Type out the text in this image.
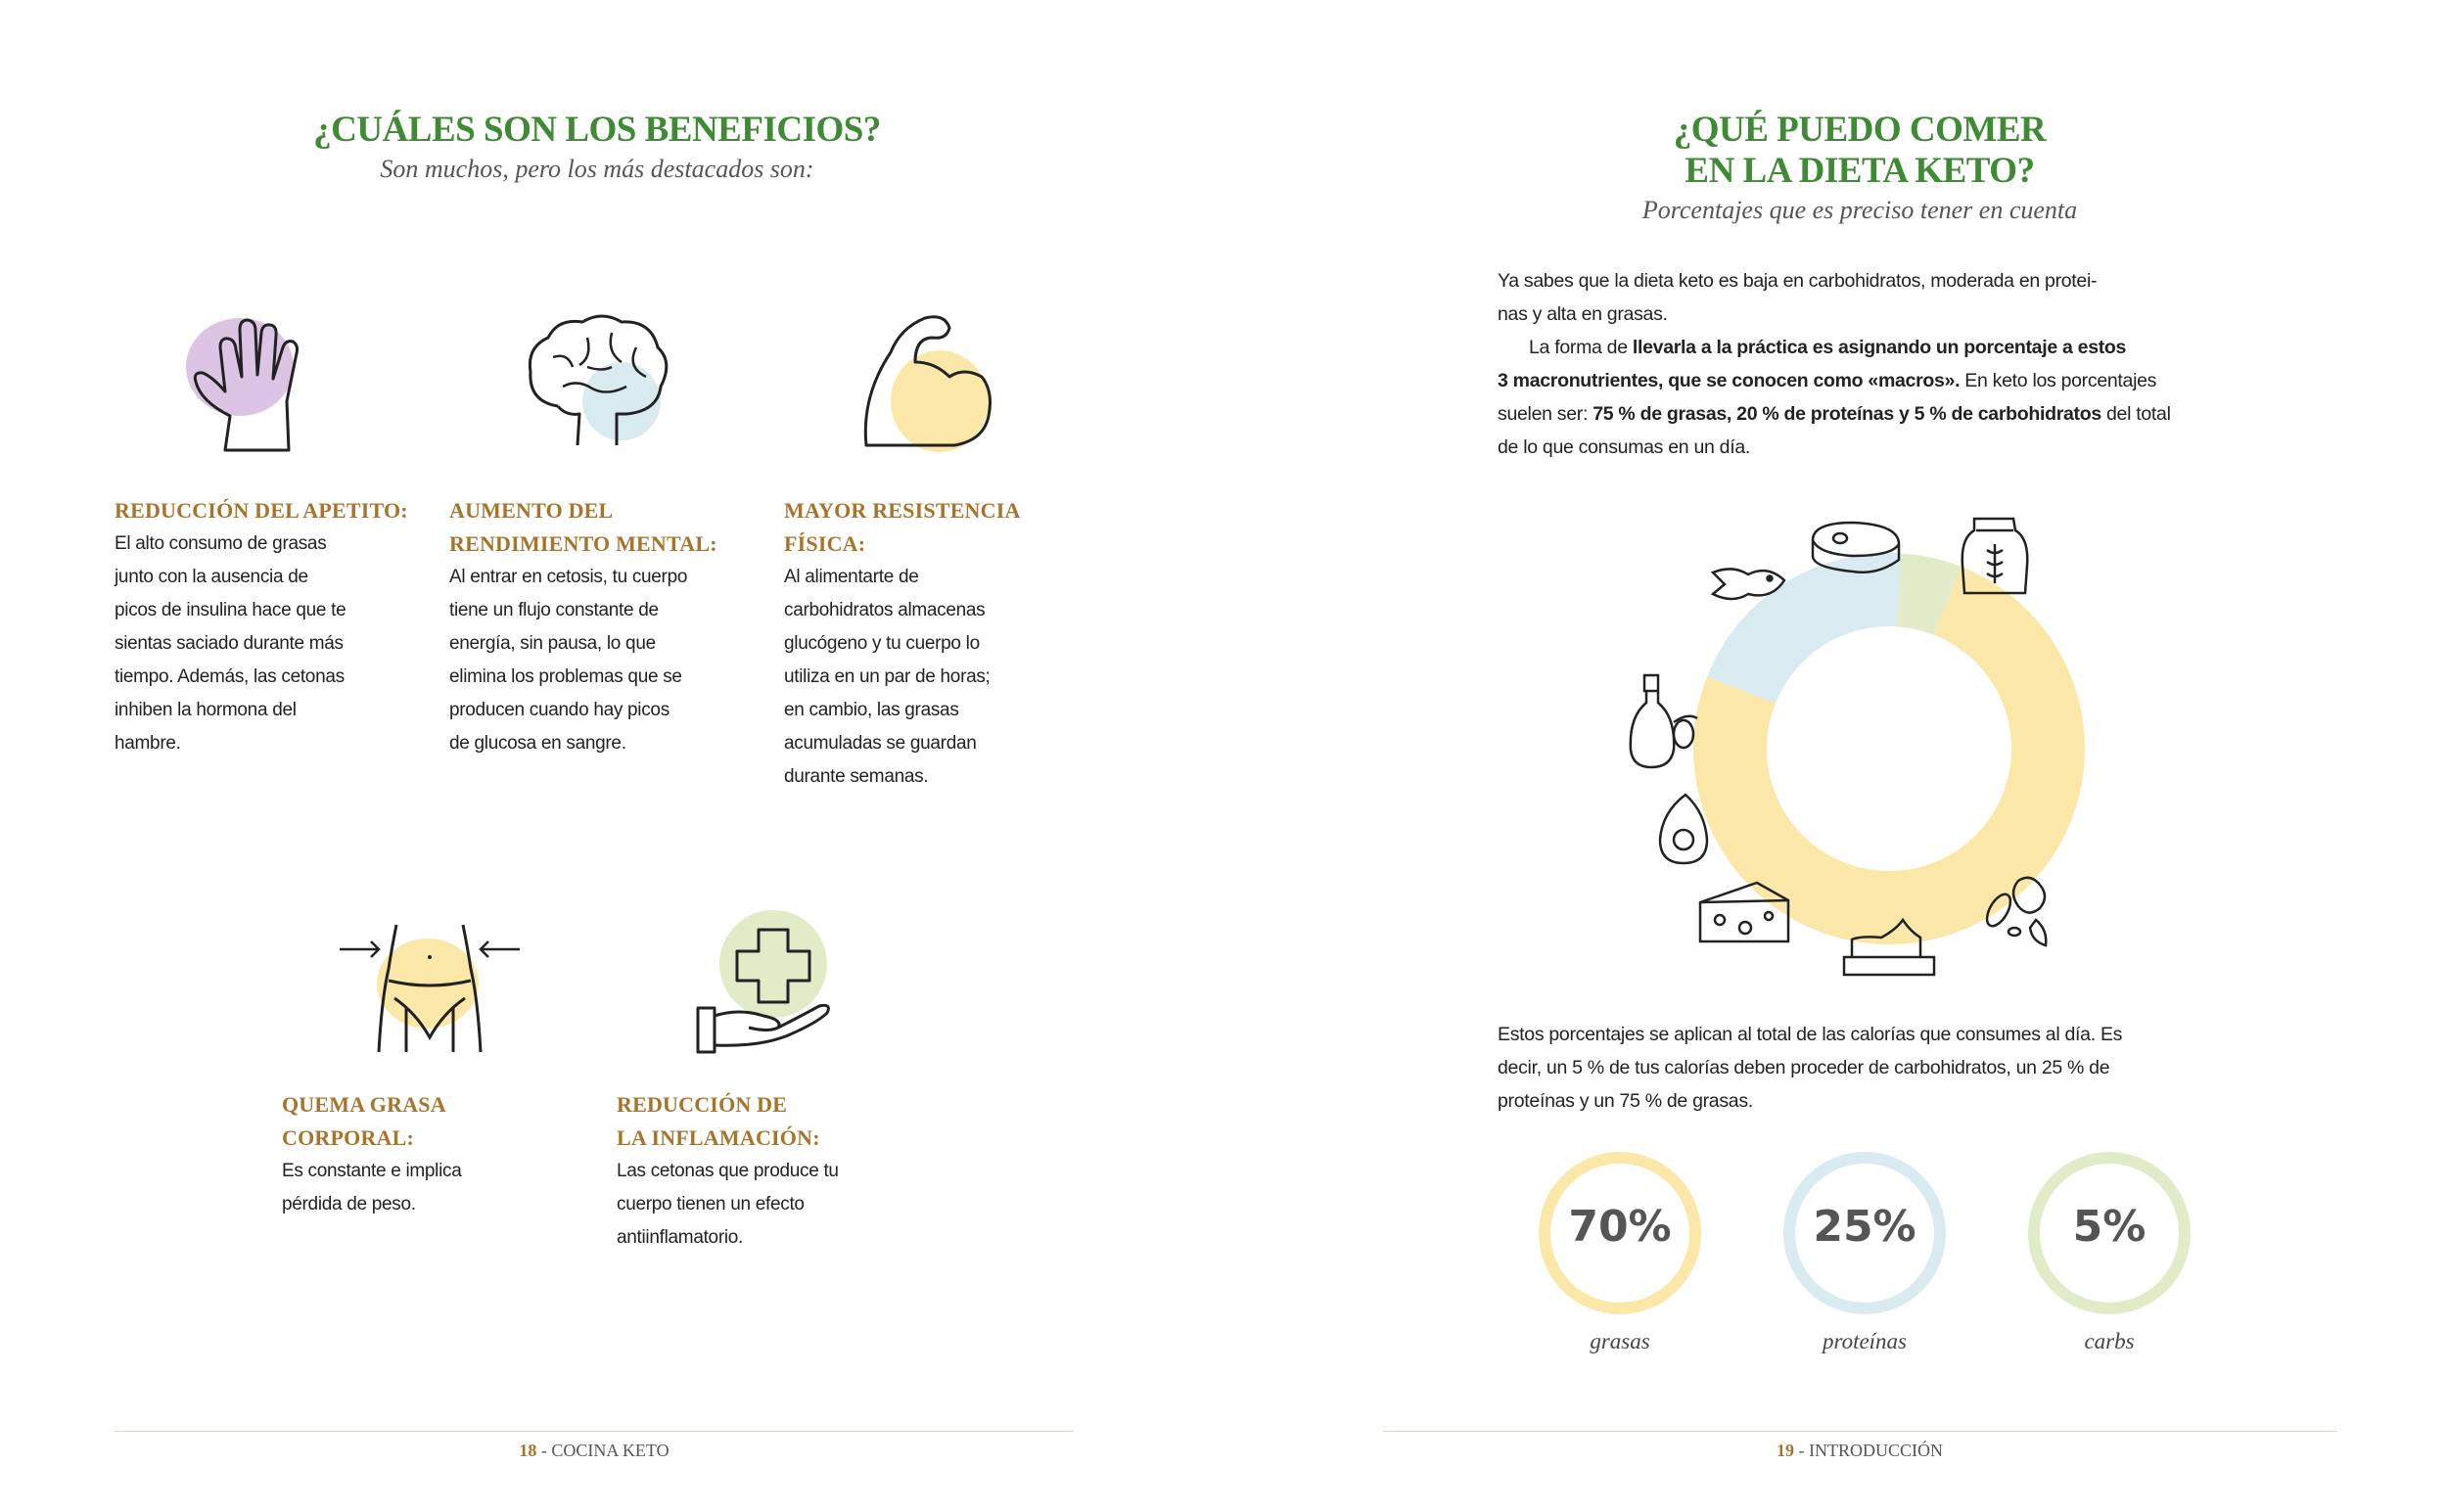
¿CUÁLES SON LOS BENEFICIOS?
Son muchos, pero los más destacados son:
REDUCCIÓN DEL APETITO:
El alto consumo de grasas
junto con la ausencia de
picos de insulina hace que te
sientas saciado durante más
tiempo. Además, las cetonas
inhiben la hormona del
hambre.
AUMENTO DEL
RENDIMIENTO MENTAL:
Al entrar en cetosis, tu cuerpo
tiene un flujo constante de
energía, sin pausa, lo que
elimina los problemas que se
producen cuando hay picos
de glucosa en sangre.
MAYOR RESISTENCIA
FÍSICA:
Al alimentarte de
carbohidratos almacenas
glucógeno y tu cuerpo lo
utiliza en un par de horas;
en cambio, las grasas
acumuladas se guardan
durante semanas.
QUEMA GRASA
CORPORAL:
Es constante e implica
pérdida de peso.
REDUCCIÓN DE
LA INFLAMACIÓN:
Las cetonas que produce tu
cuerpo tienen un efecto
antiinflamatorio.
18 - COCINA KETO
¿QUÉ PUEDO COMER
EN LA DIETA KETO?
Porcentajes que es preciso tener en cuenta
Ya sabes que la dieta keto es baja en carbohidratos, moderada en protei-
nas y alta en grasas.
La forma de llevarla a la práctica es asignando un porcentaje a estos
3 macronutrientes, que se conocen como «macros». En keto los porcentajes
suelen ser: 75 % de grasas, 20 % de proteínas y 5 % de carbohidratos del total
de lo que consumas en un día.
Estos porcentajes se aplican al total de las calorías que consumes al día. Es
decir, un 5 % de tus calorías deben proceder de carbohidratos, un 25 % de
proteínas y un 75 % de grasas.
70%
grasas
25%
proteínas
5%
carbs
19 - INTRODUCCIÓN
